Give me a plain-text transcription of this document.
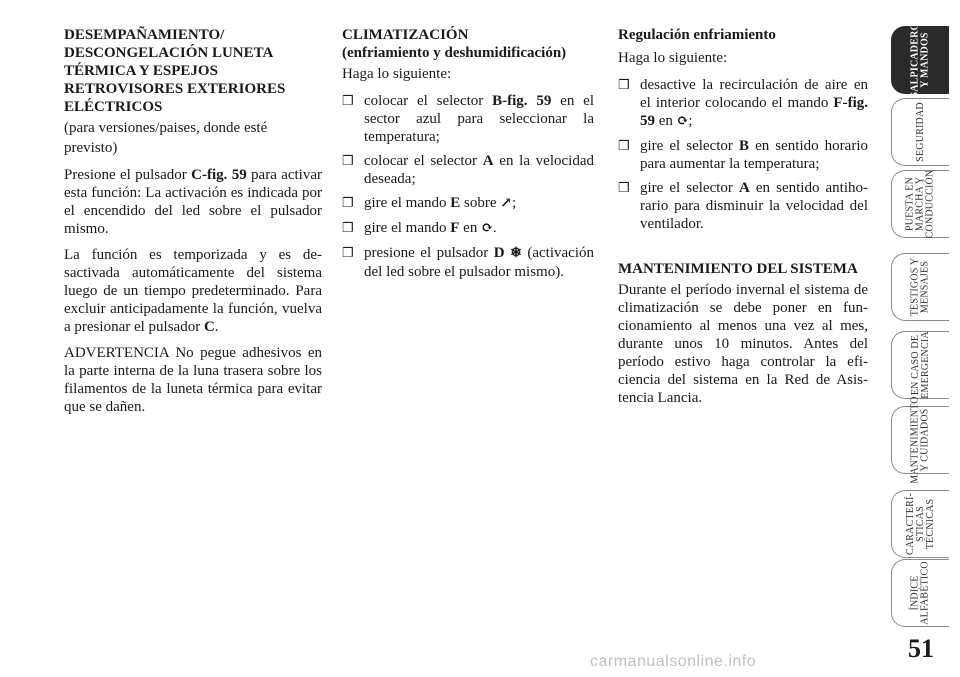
DESEMPAÑAMIENTO/ DESCONGELACIÓN LUNETA TÉRMICA Y ESPEJOS RETROVISORES EXTERIORES ELÉCTRICOS

(para versiones/paises, donde esté previsto)

Presione el pulsador C-fig. 59 para activar esta función: La activación es indicada por el encendido del led sobre el pulsador mismo.

La función es temporizada y es desactivada automáticamente del sistema luego de un tiempo predeterminado. Para excluir anticipadamente la función, vuelva a presionar el pulsador C.

ADVERTENCIA No pegue adhesivos en la parte interna de la luna trasera sobre los filamentos de la luneta térmica para evitar que se dañen.

CLIMATIZACIÓN

(enfriamiento y deshumidificación)

Haga lo siguiente:

❒ colocar el selector B-fig. 59 en el sector azul para seleccionar la temperatura;
❒ colocar el selector A en la velocidad deseada;
❒ gire el mando E sobre ↗;
❒ gire el mando F en ⟳.
❒ presione el pulsador D ❄ (activación del led sobre el pulsador mismo).

Regulación enfriamiento

Haga lo siguiente:

❒ desactive la recirculación de aire en el interior colocando el mando F-fig. 59 en ⟳;
❒ gire el selector B en sentido horario para aumentar la temperatura;
❒ gire el selector A en sentido antihorario para disminuir la velocidad del ventilador.

MANTENIMIENTO DEL SISTEMA

Durante el período invernal el sistema de climatización se debe poner en funcionamiento al menos una vez al mes, durante unos 10 minutos. Antes del período estivo haga controlar la eficiencia del sistema en la Red de Asistencia Lancia.

SALPICADERO
Y MANDOS
SEGURIDAD
PUESTA EN
MARCHA Y
CONDUCCIÓN
TESTIGOS Y
MENSAJES
EN CASO DE
EMERGENCIA
MANTENIMIENTO
Y CUIDADOS
CARACTERÍ-
STICAS
TÉCNICAS
ÍNDICE
ALFABÉTICO
51
carmanualsonline.info
